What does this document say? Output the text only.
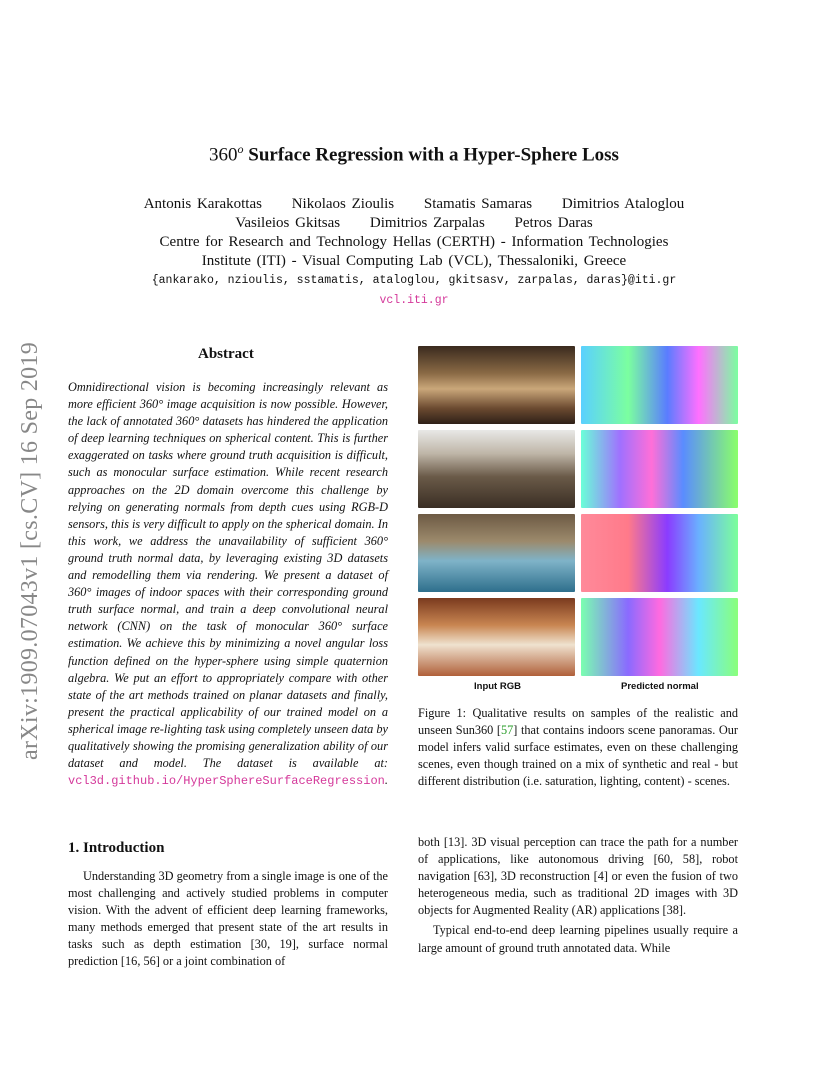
arXiv:1909.07043v1 [cs.CV] 16 Sep 2019
360$^o$ Surface Regression with a Hyper-Sphere Loss
Antonis Karakottas Nikolaos Zioulis Stamatis Samaras Dimitrios Ataloglou
Vasileios Gkitsas Dimitrios Zarpalas Petros Daras
Centre for Research and Technology Hellas (CERTH) - Information Technologies
Institute (ITI) - Visual Computing Lab (VCL), Thessaloniki, Greece
{ankarako, nzioulis, sstamatis, ataloglou, gkitsasv, zarpalas, daras}@iti.gr
vcl.iti.gr
Abstract
Omnidirectional vision is becoming increasingly relevant as more efficient 360° image acquisition is now possible. However, the lack of annotated 360° datasets has hindered the application of deep learning techniques on spherical content. This is further exaggerated on tasks where ground truth acquisition is difficult, such as monocular surface estimation. While recent research approaches on the 2D domain overcome this challenge by relying on generating normals from depth cues using RGB-D sensors, this is very difficult to apply on the spherical domain. In this work, we address the unavailability of sufficient 360° ground truth normal data, by leveraging existing 3D datasets and remodelling them via rendering. We present a dataset of 360° images of indoor spaces with their corresponding ground truth surface normal, and train a deep convolutional neural network (CNN) on the task of monocular 360° surface estimation. We achieve this by minimizing a novel angular loss function defined on the hyper-sphere using simple quaternion algebra. We put an effort to appropriately compare with other state of the art methods trained on planar datasets and finally, present the practical applicability of our trained model on a spherical image re-lighting task using completely unseen data by qualitatively showing the promising generalization ability of our dataset and model. The dataset is available at: vcl3d.github.io/HyperSphereSurfaceRegression.
Input RGB	Predicted normal
Figure 1: Qualitative results on samples of the realistic and unseen Sun360 [57] that contains indoors scene panoramas. Our model infers valid surface estimates, even on these challenging scenes, even though trained on a mix of synthetic and real - but different distribution (i.e. saturation, lighting, content) - scenes.
1. Introduction

Understanding 3D geometry from a single image is one of the most challenging and actively studied problems in computer vision. With the advent of efficient deep learning frameworks, many methods emerged that present state of the art results in tasks such as depth estimation [30, 19], surface normal prediction [16, 56] or a joint combination of

both [13]. 3D visual perception can trace the path for a number of applications, like autonomous driving [60, 58], robot navigation [63], 3D reconstruction [4] or even the fusion of two heterogeneous media, such as traditional 2D images with 3D objects for Augmented Reality (AR) applications [38].

Typical end-to-end deep learning pipelines usually require a large amount of ground truth annotated data. While
